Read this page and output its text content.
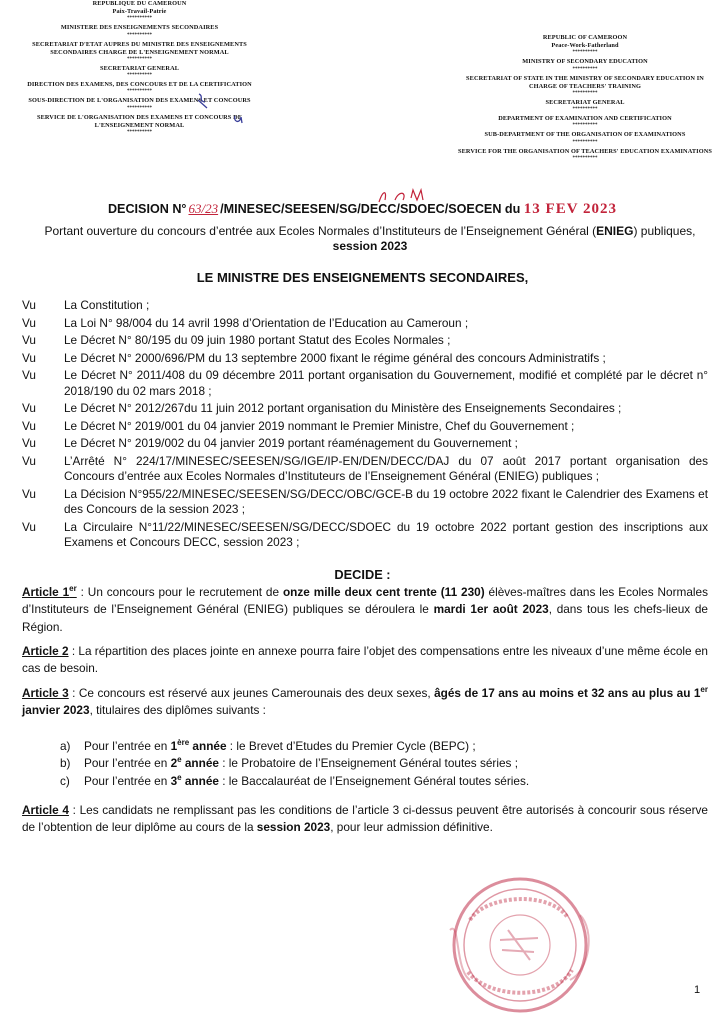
REPUBLIQUE DU CAMEROUN

Paix-Travail-Patrie

**********

MINISTERE DES ENSEIGNEMENTS SECONDAIRES

**********

SECRETARIAT D'ETAT AUPRES DU MINISTRE DES ENSEIGNEMENTS SECONDAIRES CHARGE DE L'ENSEIGNEMENT NORMAL

**********

SECRETARIAT GENERAL

**********

DIRECTION DES EXAMENS, DES CONCOURS ET DE LA CERTIFICATION

**********

SOUS-DIRECTION DE L'ORGANISATION DES EXAMENS ET CONCOURS

**********

SERVICE DE L'ORGANISATION DES EXAMENS ET CONCOURS DE L'ENSEIGNEMENT NORMAL

**********

REPUBLIC OF CAMEROON

Peace-Work-Fatherland

**********

MINISTRY OF SECONDARY EDUCATION

**********

SECRETARIAT OF STATE IN THE MINISTRY OF SECONDARY EDUCATION IN CHARGE OF TEACHERS' TRAINING

**********

SECRETARIAT GENERAL

**********

DEPARTMENT OF EXAMINATION AND CERTIFICATION

**********

SUB-DEPARTMENT OF THE ORGANISATION OF EXAMINATIONS

**********

SERVICE FOR THE ORGANISATION OF TEACHERS' EDUCATION EXAMINATIONS

**********

DECISION N° 63/23 /MINESEC/SEESEN/SG/DECC/SDOEC/SOECEN du 13 FEV 2023
Portant ouverture du concours d’entrée aux Ecoles Normales d’Instituteurs de l’Enseignement Général (ENIEG) publiques,
session 2023
LE MINISTRE DES ENSEIGNEMENTS SECONDAIRES,
Vu	La Constitution ;
Vu	La Loi N° 98/004 du 14 avril 1998 d’Orientation de l’Education au Cameroun ;
Vu	Le Décret N° 80/195 du 09 juin 1980 portant Statut des Ecoles Normales ;
Vu	Le Décret N° 2000/696/PM du 13 septembre 2000 fixant le régime général des concours Administratifs ;
Vu	Le Décret N° 2011/408 du 09 décembre 2011 portant organisation du Gouvernement, modifié et complété par le décret n° 2018/190 du 02 mars 2018 ;
Vu	Le Décret N° 2012/267du 11 juin 2012 portant organisation du Ministère des Enseignements Secondaires ;
Vu	Le Décret N° 2019/001 du 04 janvier 2019 nommant le Premier Ministre, Chef du Gouvernement ;
Vu	Le Décret N° 2019/002 du 04 janvier 2019 portant réaménagement du Gouvernement ;
Vu	L’Arrêté N° 224/17/MINESEC/SEESEN/SG/IGE/IP-EN/DEN/DECC/DAJ du 07 août 2017 portant organisation des Concours d’entrée aux Ecoles Normales d’Instituteurs de l’Enseignement Général (ENIEG) publiques ;
Vu	La Décision N°955/22/MINESEC/SEESEN/SG/DECC/OBC/GCE-B du 19 octobre 2022 fixant le Calendrier des Examens et des Concours de la session 2023 ;
Vu	La Circulaire N°11/22/MINESEC/SEESEN/SG/DECC/SDOEC du 19 octobre 2022 portant gestion des inscriptions aux Examens et Concours DECC, session 2023 ;
DECIDE :
Article 1er : Un concours pour le recrutement de onze mille deux cent trente (11 230) élèves-maîtres dans les Ecoles Normales d’Instituteurs de l’Enseignement Général (ENIEG) publiques se déroulera le mardi 1er août 2023, dans tous les chefs-lieux de Région.
Article 2 : La répartition des places jointe en annexe pourra faire l’objet des compensations entre les niveaux d’une même école en cas de besoin.
Article 3 : Ce concours est réservé aux jeunes Camerounais des deux sexes, âgés de 17 ans au moins et 32 ans au plus au 1er janvier 2023, titulaires des diplômes suivants :
a)	Pour l’entrée en 1ère année : le Brevet d’Etudes du Premier Cycle (BEPC) ;
b)	Pour l’entrée en 2e année : le Probatoire de l’Enseignement Général toutes séries ;
c)	Pour l’entrée en 3e année : le Baccalauréat de l’Enseignement Général toutes séries.
Article 4 : Les candidats ne remplissant pas les conditions de l’article 3 ci-dessus peuvent être autorisés à concourir sous réserve de l’obtention de leur diplôme au cours de la session 2023, pour leur admission définitive.
1
